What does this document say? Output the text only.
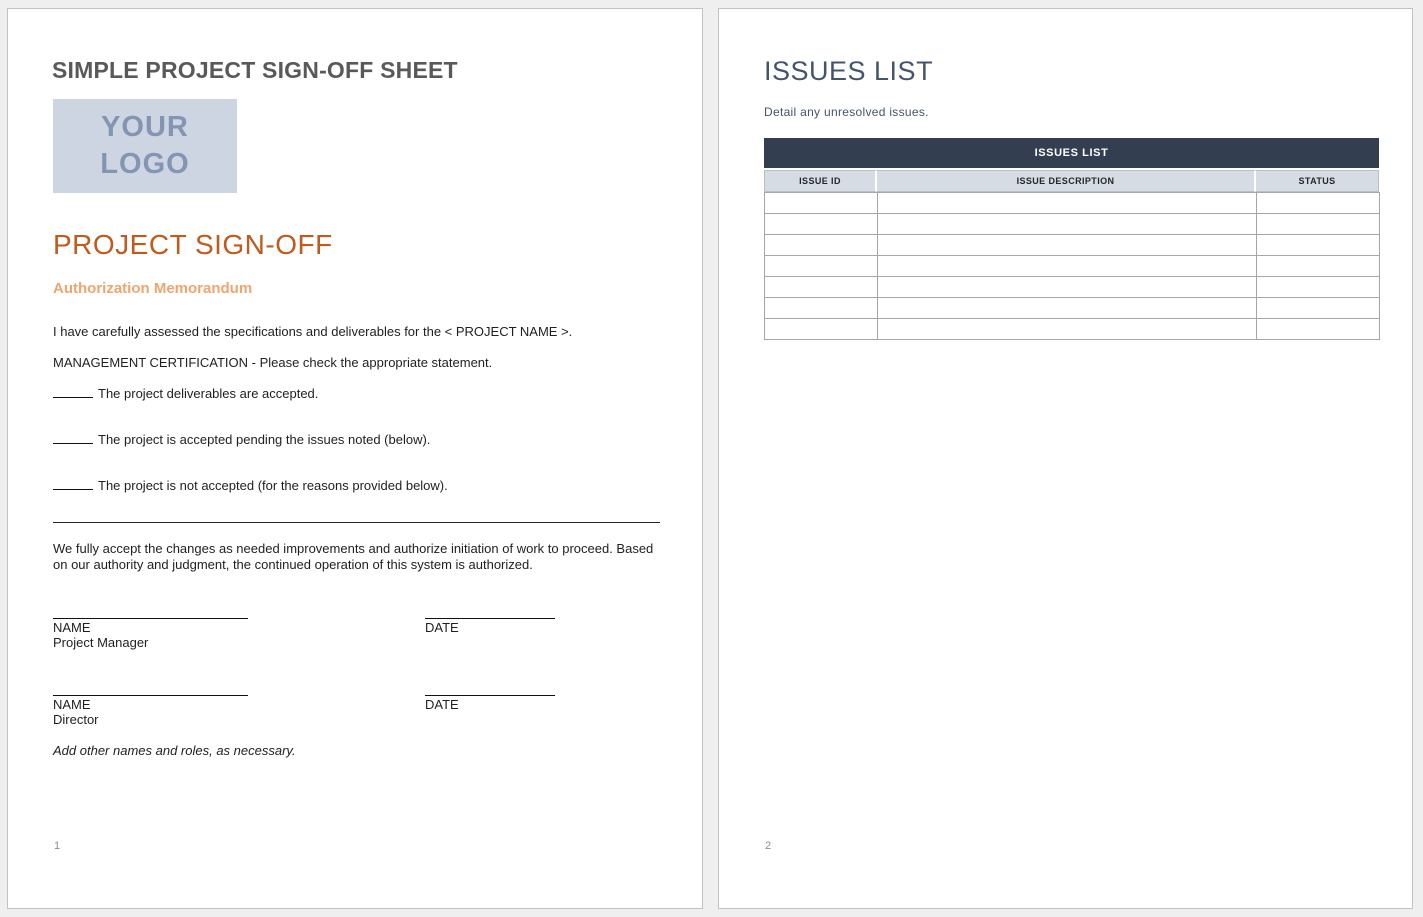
SIMPLE PROJECT SIGN-OFF SHEET
YOUR
LOGO
PROJECT SIGN-OFF
Authorization Memorandum
I have carefully assessed the specifications and deliverables for the < PROJECT NAME >.
MANAGEMENT CERTIFICATION - Please check the appropriate statement.
The project deliverables are accepted.
The project is accepted pending the issues noted (below).
The project is not accepted (for the reasons provided below).
We fully accept the changes as needed improvements and authorize initiation of work to proceed. Based on our authority and judgment, the continued operation of this system is authorized.
NAME
Project Manager
DATE
NAME
Director
DATE
Add other names and roles, as necessary.
1
ISSUES LIST
Detail any unresolved issues.
ISSUES LIST
ISSUE ID	ISSUE DESCRIPTION	STATUS

2
